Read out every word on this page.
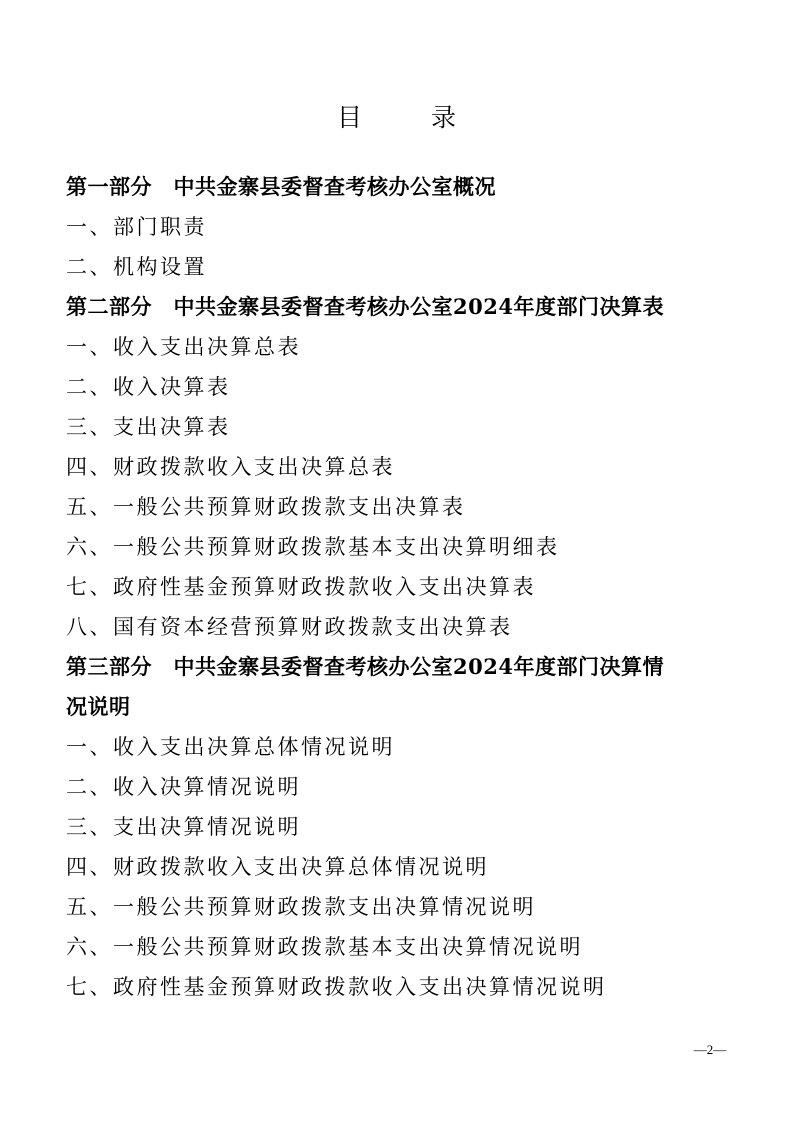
目　录
第一部分　中共金寨县委督查考核办公室概况
一、部门职责
二、机构设置
第二部分　中共金寨县委督查考核办公室2024年度部门决算表
一、收入支出决算总表
二、收入决算表
三、支出决算表
四、财政拨款收入支出决算总表
五、一般公共预算财政拨款支出决算表
六、一般公共预算财政拨款基本支出决算明细表
七、政府性基金预算财政拨款收入支出决算表
八、国有资本经营预算财政拨款支出决算表
第三部分　中共金寨县委督查考核办公室2024年度部门决算情
况说明
一、收入支出决算总体情况说明
二、收入决算情况说明
三、支出决算情况说明
四、财政拨款收入支出决算总体情况说明
五、一般公共预算财政拨款支出决算情况说明
六、一般公共预算财政拨款基本支出决算情况说明
七、政府性基金预算财政拨款收入支出决算情况说明
—2—
